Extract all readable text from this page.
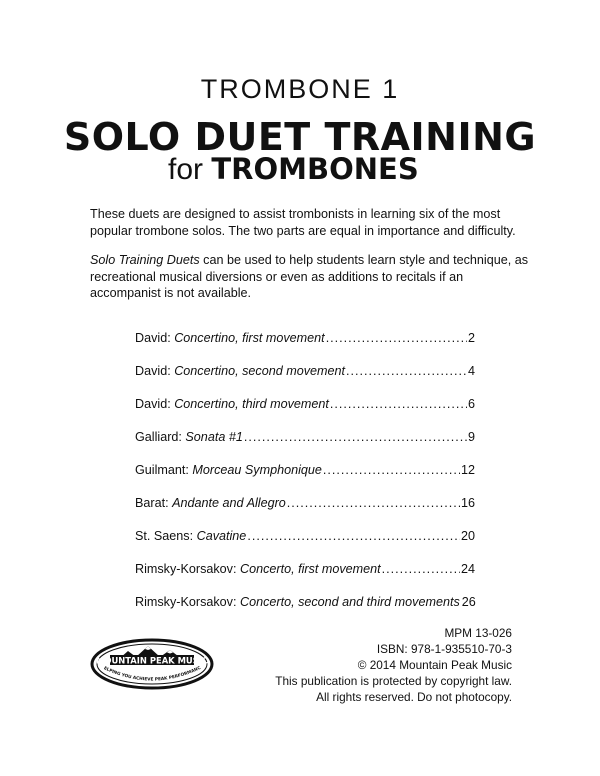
TROMBONE 1
SOLO DUET TRAINING
for TROMBONES

These duets are designed to assist trombonists in learning six of the most popular trombone solos. The two parts are equal in importance and difficulty.

Solo Training Duets can be used to help students learn style and technique, as recreational musical diversions or even as additions to recitals if an accompanist is not available.

David: Concertino, first movement .....	2
David: Concertino, second movement .....	4
David: Concertino, third movement .....	6
Galliard: Sonata #1 .....	9
Guilmant: Morceau Symphonique .....	12
Barat: Andante and Allegro .....	16
St. Saens: Cavatine .....	20
Rimsky-Korsakov: Concerto, first movement .....	24
Rimsky-Korsakov: Concerto, second and third movements 26
MOUNTAIN PEAK MUSIC
ELPING YOU ACHIEVE PEAK PERFORMANC
MPM 13-026
ISBN: 978-1-935510-70-3
© 2014 Mountain Peak Music
This publication is protected by copyright law.
All rights reserved. Do not photocopy.
